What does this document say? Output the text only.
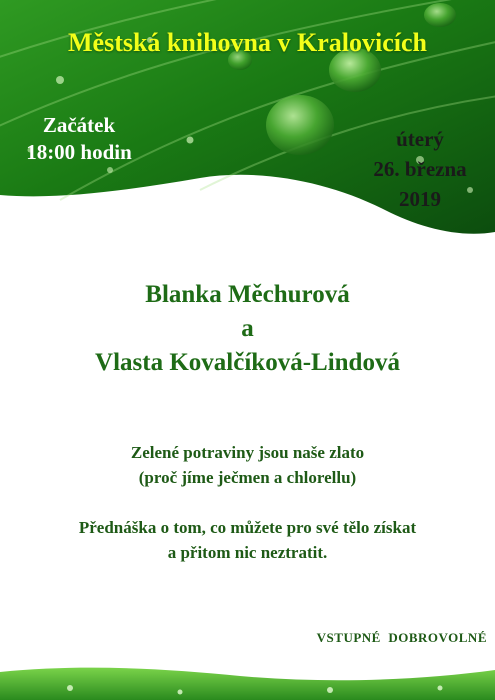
Městská knihovna v Kralovicích
Začátek
18:00 hodin
úterý
26. března
2019
Blanka Měchurová
a
Vlasta Kovalčíková-Lindová
Zelené potraviny jsou naše zlato
(proč jíme ječmen a chlorellu)
Přednáška o tom, co můžete pro své tělo získat
a přitom nic neztratit.
VSTUPNÉ  DOBROVOLNÉ
